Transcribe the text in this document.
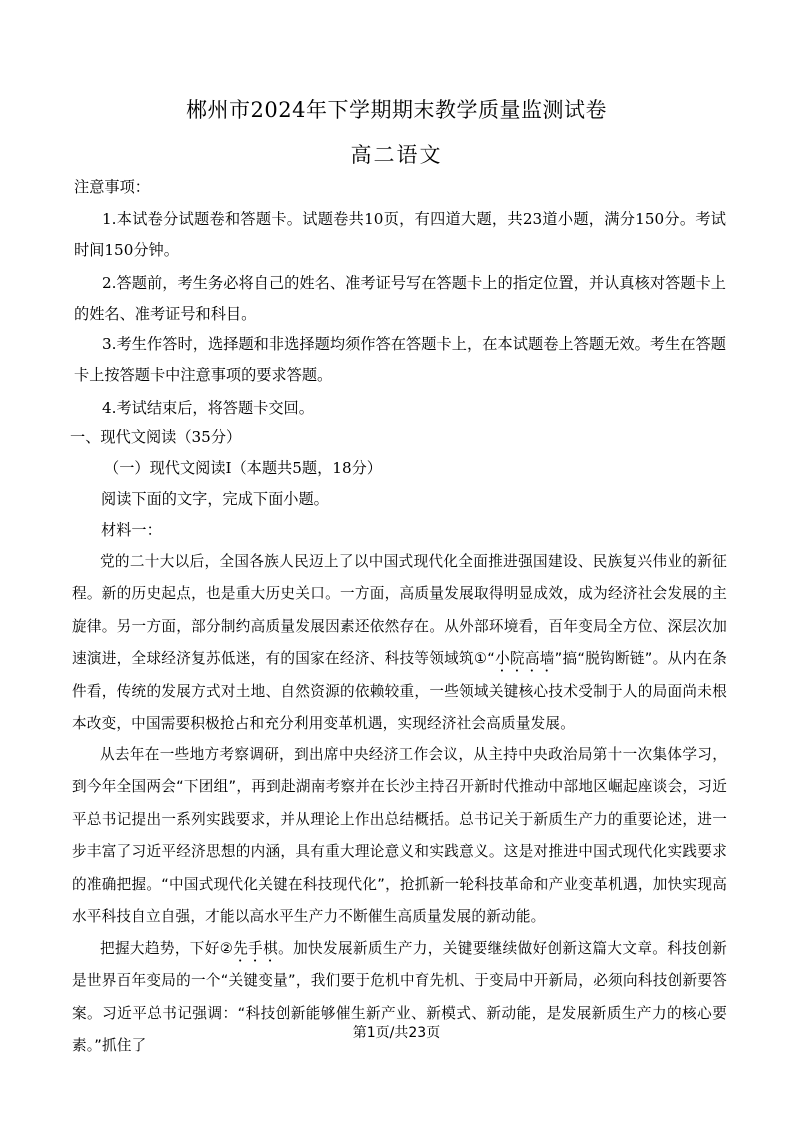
郴州市2024年下学期期末教学质量监测试卷
高二语文
注意事项：
1.本试卷分试题卷和答题卡。试题卷共10页，有四道大题，共23道小题，满分150分。考试时间150分钟。
2.答题前，考生务必将自己的姓名、准考证号写在答题卡上的指定位置，并认真核对答题卡上的姓名、准考证号和科目。
3.考生作答时，选择题和非选择题均须作答在答题卡上，在本试题卷上答题无效。考生在答题卡上按答题卡中注意事项的要求答题。
4.考试结束后，将答题卡交回。
一、现代文阅读（35分）
（一）现代文阅读Ⅰ（本题共5题，18分）
阅读下面的文字，完成下面小题。
材料一：
党的二十大以后，全国各族人民迈上了以中国式现代化全面推进强国建设、民族复兴伟业的新征程。新的历史起点，也是重大历史关口。一方面，高质量发展取得明显成效，成为经济社会发展的主旋律。另一方面，部分制约高质量发展因素还依然存在。从外部环境看，百年变局全方位、深层次加速演进，全球经济复苏低迷，有的国家在经济、科技等领域筑①“小院高墙”搞“脱钩断链”。从内在条件看，传统的发展方式对土地、自然资源的依赖较重，一些领域关键核心技术受制于人的局面尚未根本改变，中国需要积极抢占和充分利用变革机遇，实现经济社会高质量发展。
从去年在一些地方考察调研，到出席中央经济工作会议，从主持中央政治局第十一次集体学习，到今年全国两会“下团组”，再到赴湖南考察并在长沙主持召开新时代推动中部地区崛起座谈会，习近平总书记提出一系列实践要求，并从理论上作出总结概括。总书记关于新质生产力的重要论述，进一步丰富了习近平经济思想的内涵，具有重大理论意义和实践意义。这是对推进中国式现代化实践要求的准确把握。“中国式现代化关键在科技现代化”，抢抓新一轮科技革命和产业变革机遇，加快实现高水平科技自立自强，才能以高水平生产力不断催生高质量发展的新动能。
把握大趋势，下好②先手棋。加快发展新质生产力，关键要继续做好创新这篇大文章。科技创新是世界百年变局的一个“关键变量”，我们要于危机中育先机、于变局中开新局，必须向科技创新要答案。习近平总书记强调：“科技创新能够催生新产业、新模式、新动能，是发展新质生产力的核心要素。”抓住了
第1页/共23页
